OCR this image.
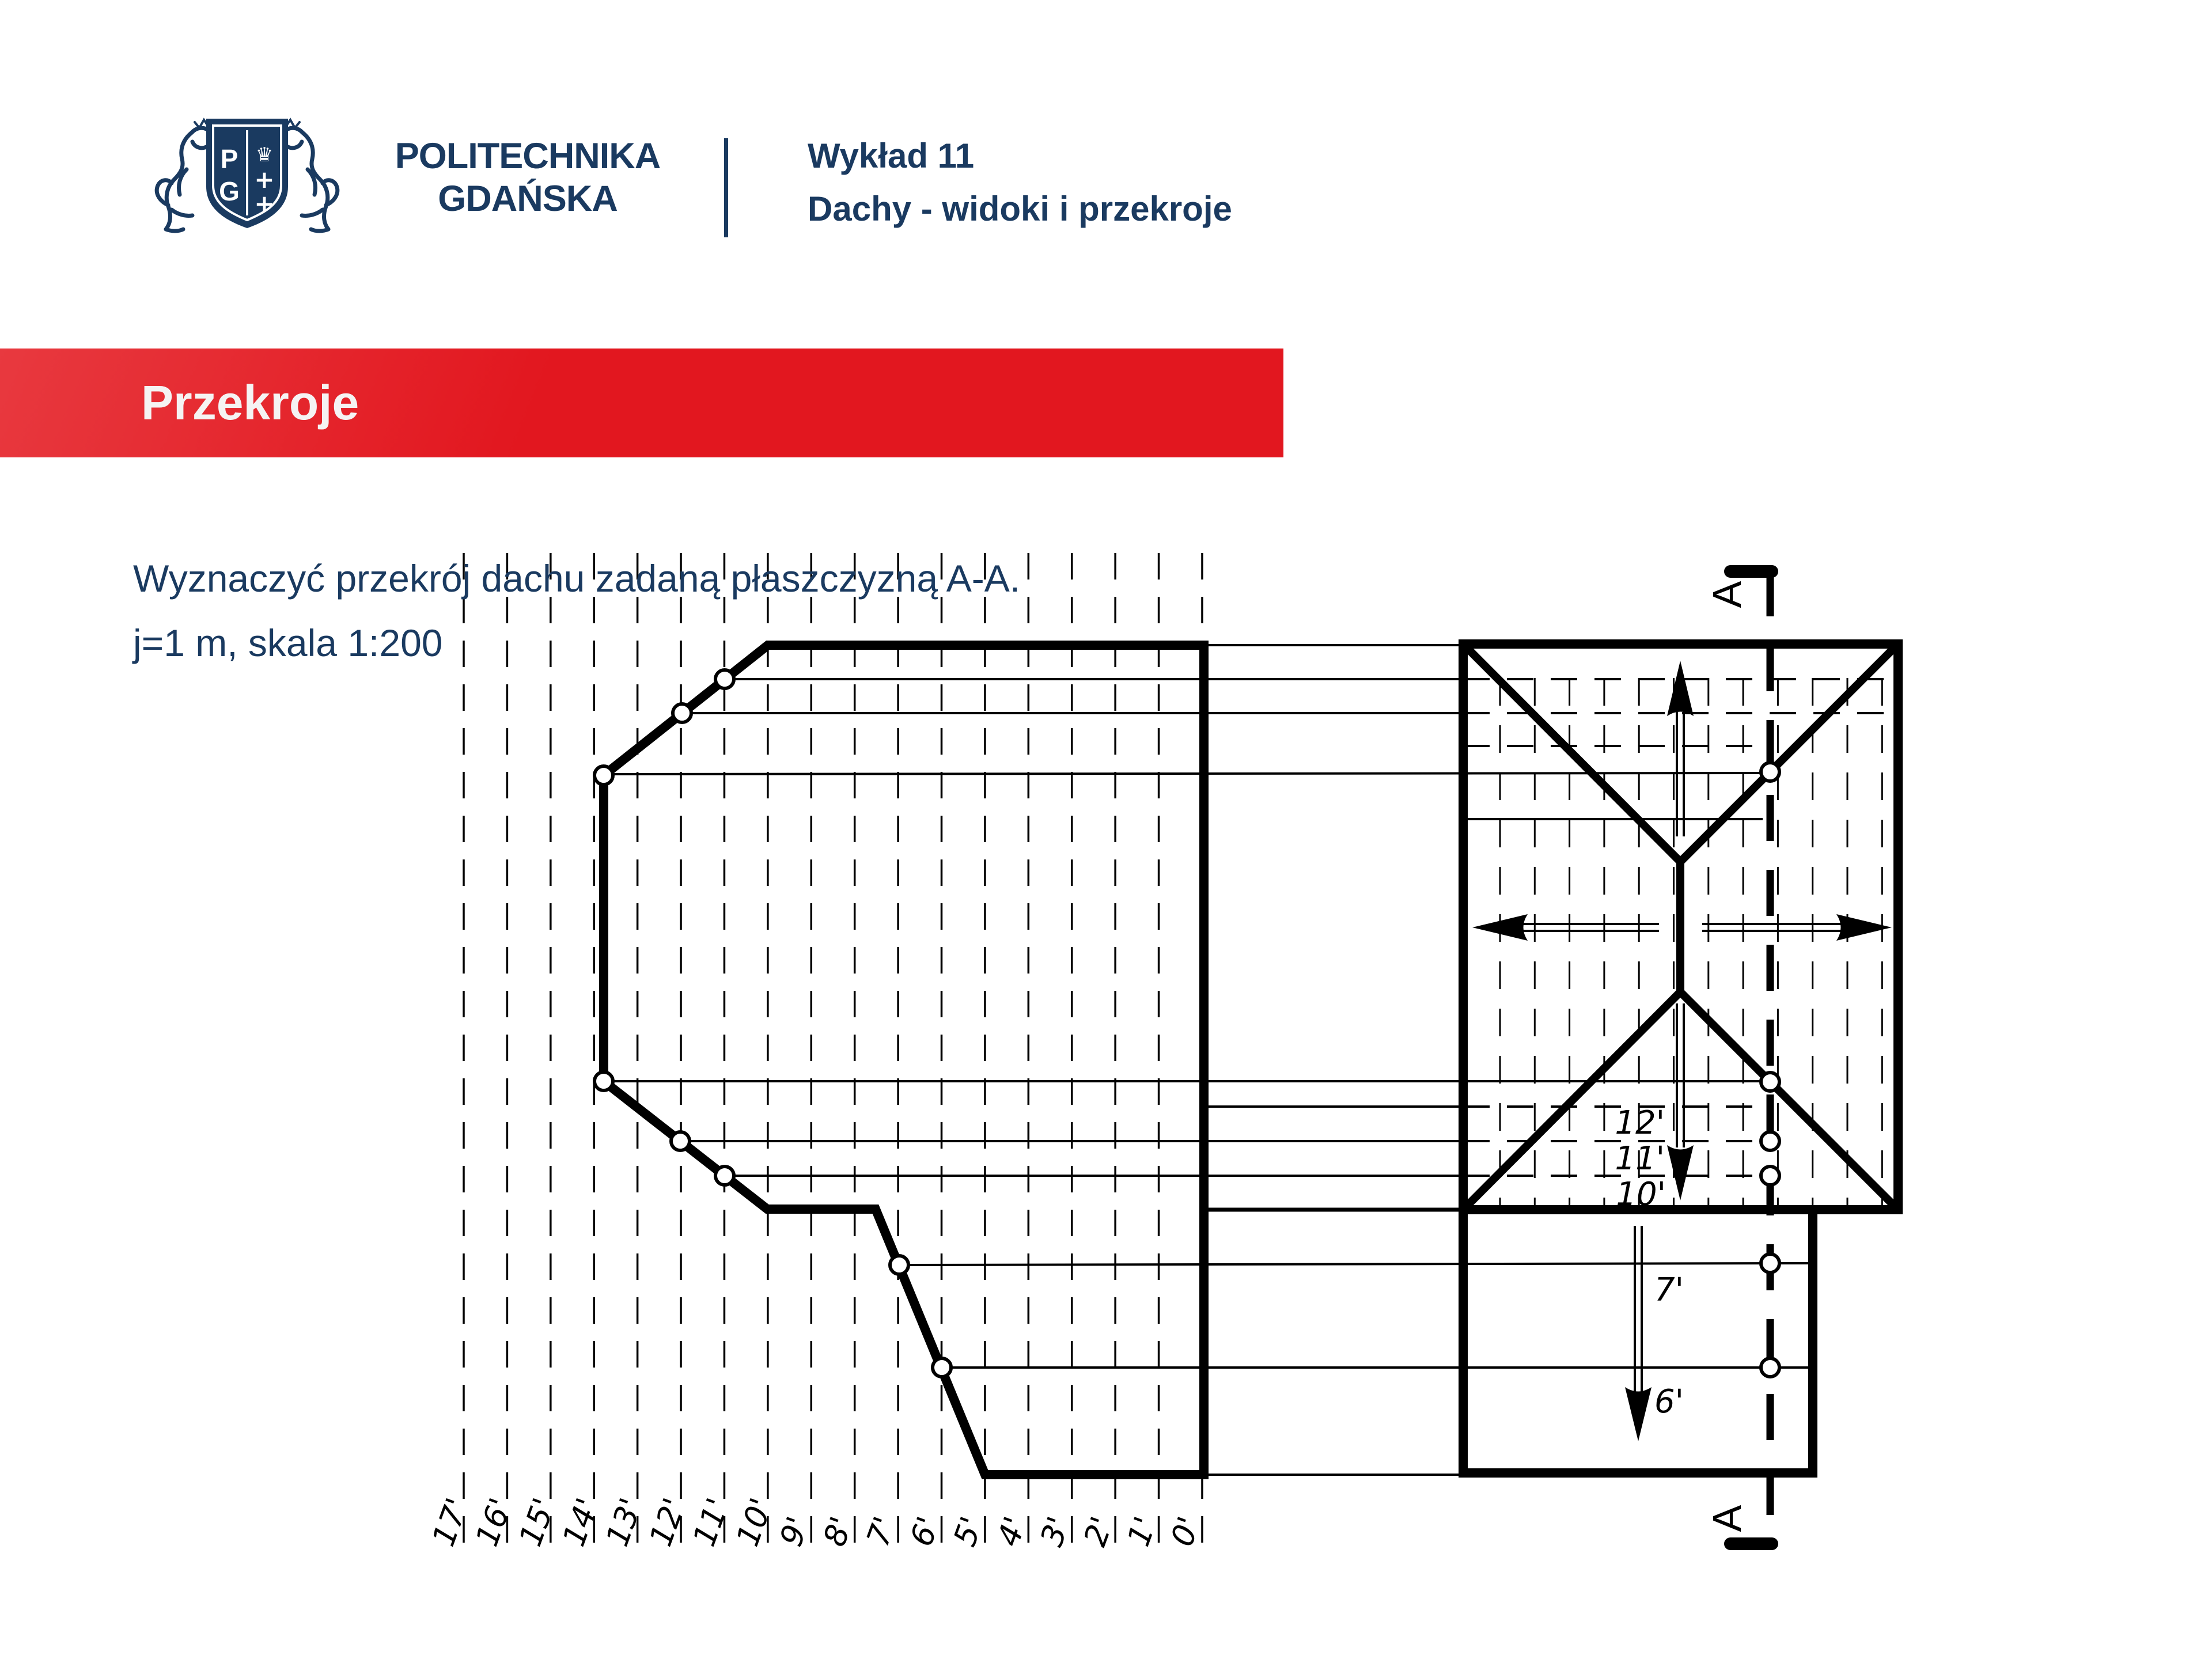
P
G
♛
+
+
POLITECHNIKA
GDAŃSKA
Wykład 11
Dachy - widoki i przekroje
Przekroje
17'
16'
15'
14'
13'
12'
11'
10'
9' 8' 7' 6' 5' 4' 3' 2' 1' 0'
A
A
12'
11'
10'
7'
6'
Wyznaczyć przekrój dachu zadaną płaszczyzną A-A.
j=1 m, skala 1:200
